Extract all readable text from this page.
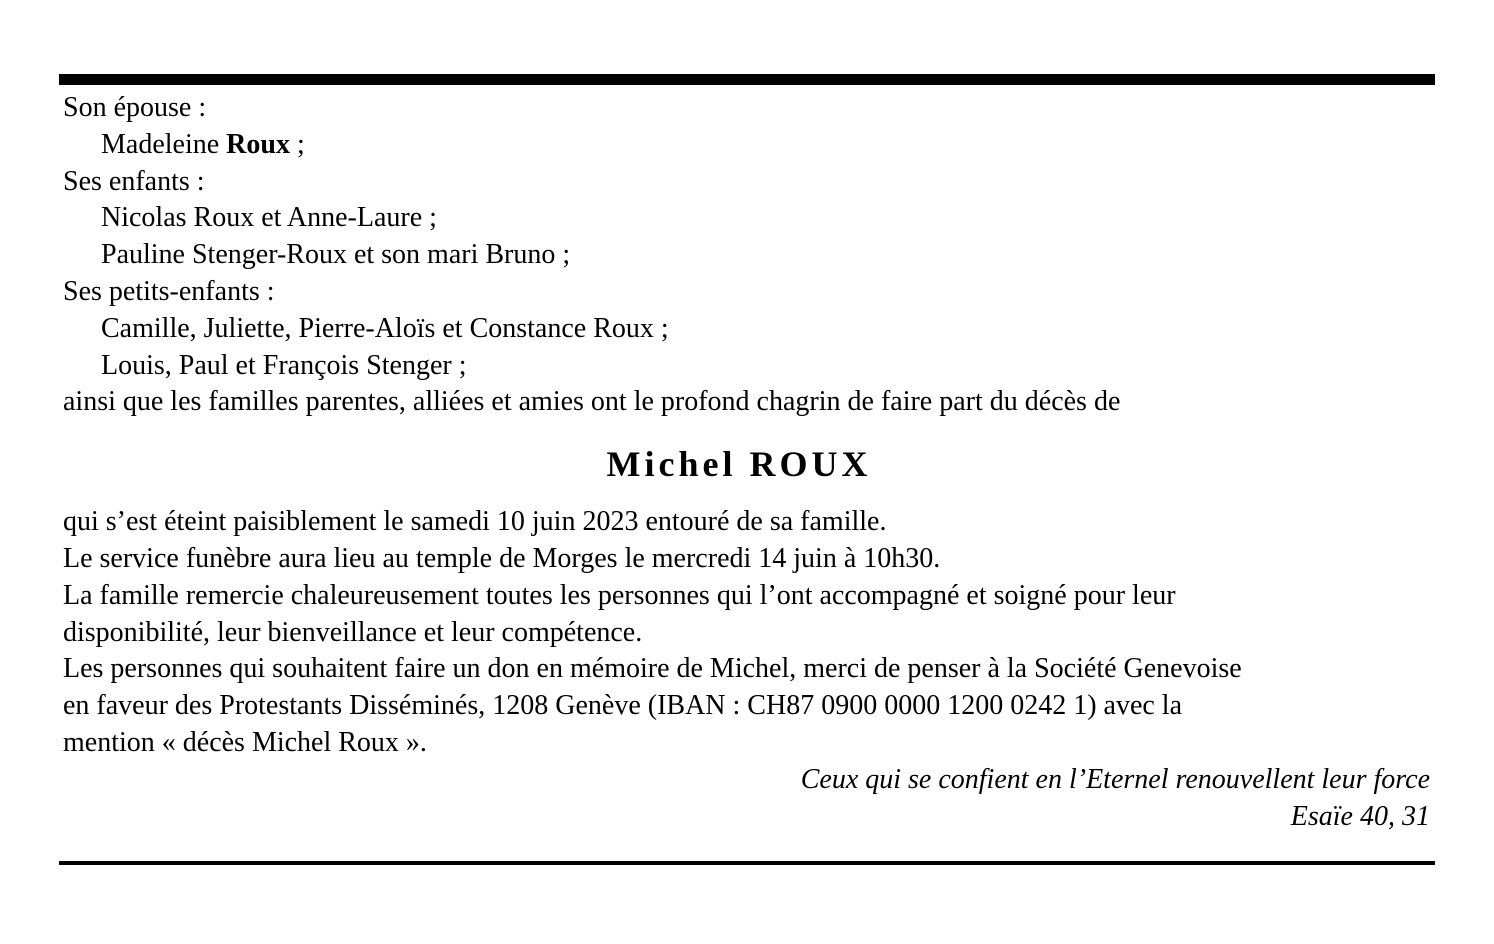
Son épouse :
Madeleine Roux ;
Ses enfants :
Nicolas Roux et Anne-Laure ;
Pauline Stenger-Roux et son mari Bruno ;
Ses petits-enfants :
Camille, Juliette, Pierre-Aloïs et Constance Roux ;
Louis, Paul et François Stenger ;
ainsi que les familles parentes, alliées et amies ont le profond chagrin de faire part du décès de
Michel ROUX
qui s’est éteint paisiblement le samedi 10 juin 2023 entouré de sa famille.
Le service funèbre aura lieu au temple de Morges le mercredi 14 juin à 10h30.
La famille remercie chaleureusement toutes les personnes qui l’ont accompagné et soigné pour leur
disponibilité, leur bienveillance et leur compétence.
Les personnes qui souhaitent faire un don en mémoire de Michel, merci de penser à la Société Genevoise
en faveur des Protestants Disséminés, 1208 Genève (IBAN : CH87 0900 0000 1200 0242 1) avec la
mention « décès Michel Roux ».
Ceux qui se confient en l’Eternel renouvellent leur force
Esaïe 40, 31
